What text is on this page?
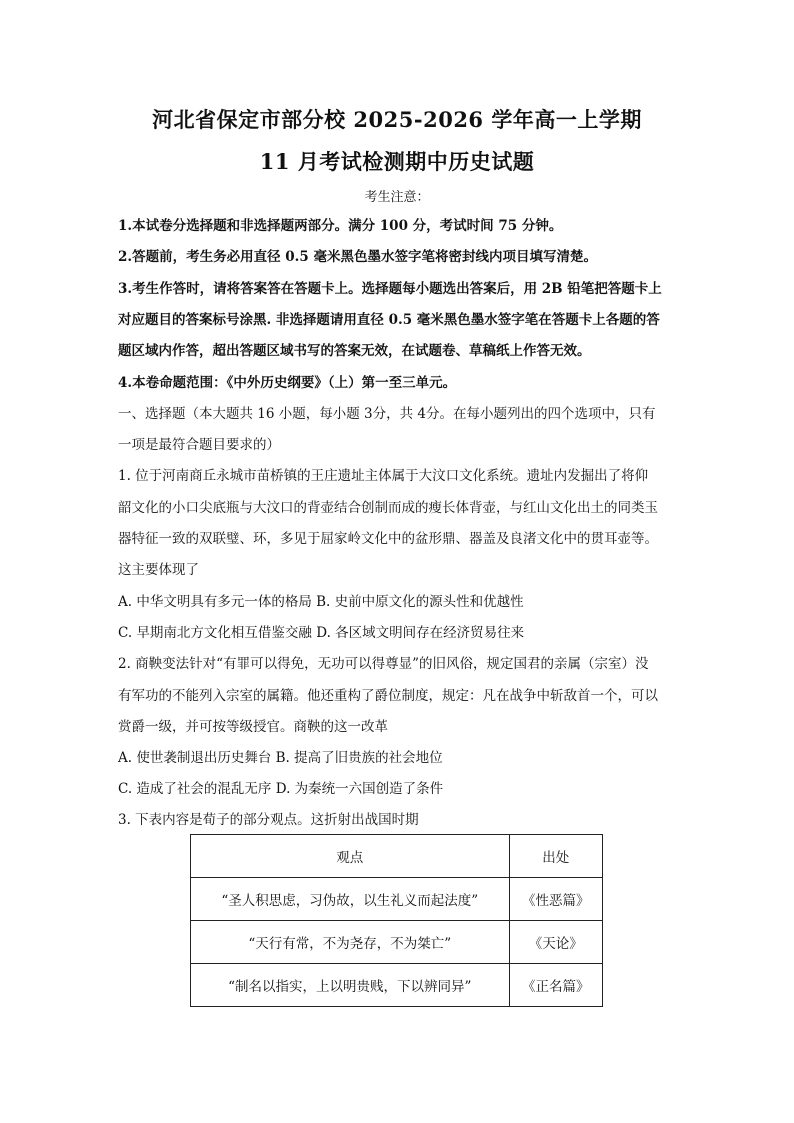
河北省保定市部分校 2025-2026 学年高一上学期
11 月考试检测期中历史试题
考生注意：
1.本试卷分选择题和非选择题两部分。满分 100 分，考试时间 75 分钟。
2.答题前，考生务必用直径 0.5 毫米黑色墨水签字笔将密封线内项目填写清楚。
3.考生作答时，请将答案答在答题卡上。选择题每小题选出答案后，用 2B 铅笔把答题卡上
对应题目的答案标号涂黑. 非选择题请用直径 0.5 毫米黑色墨水签字笔在答题卡上各题的答
题区域内作答，超出答题区域书写的答案无效，在试题卷、草稿纸上作答无效。
4.本卷命题范围：《中外历史纲要》（上）第一至三单元。
一、选择题（本大题共 16 小题，每小题 3分，共 4分。在每小题列出的四个选项中，只有
一项是最符合题目要求的）
1. 位于河南商丘永城市苗桥镇的王庄遗址主体属于大汶口文化系统。遗址内发掘出了将仰
韶文化的小口尖底瓶与大汶口的背壶结合创制而成的瘦长体背壶，与红山文化出土的同类玉
器特征一致的双联璧、环，多见于屈家岭文化中的盆形鼎、器盖及良渚文化中的贯耳壶等。
这主要体现了
A. 中华文明具有多元一体的格局 B. 史前中原文化的源头性和优越性
C. 早期南北方文化相互借鉴交融 D. 各区域文明间存在经济贸易往来
2. 商鞅变法针对“有罪可以得免，无功可以得尊显”的旧风俗，规定国君的亲属（宗室）没
有军功的不能列入宗室的属籍。他还重构了爵位制度，规定：凡在战争中斩敌首一个，可以
赏爵一级，并可按等级授官。商鞅的这一改革
A. 使世袭制退出历史舞台 B. 提高了旧贵族的社会地位
C. 造成了社会的混乱无序 D. 为秦统一六国创造了条件
3. 下表内容是荀子的部分观点。这折射出战国时期
观点	出处
“圣人积思虑，习伪故，以生礼义而起法度”	《性恶篇》
“天行有常，不为尧存，不为桀亡”	《天论》
“制名以指实，上以明贵贱，下以辨同异”	《正名篇》
